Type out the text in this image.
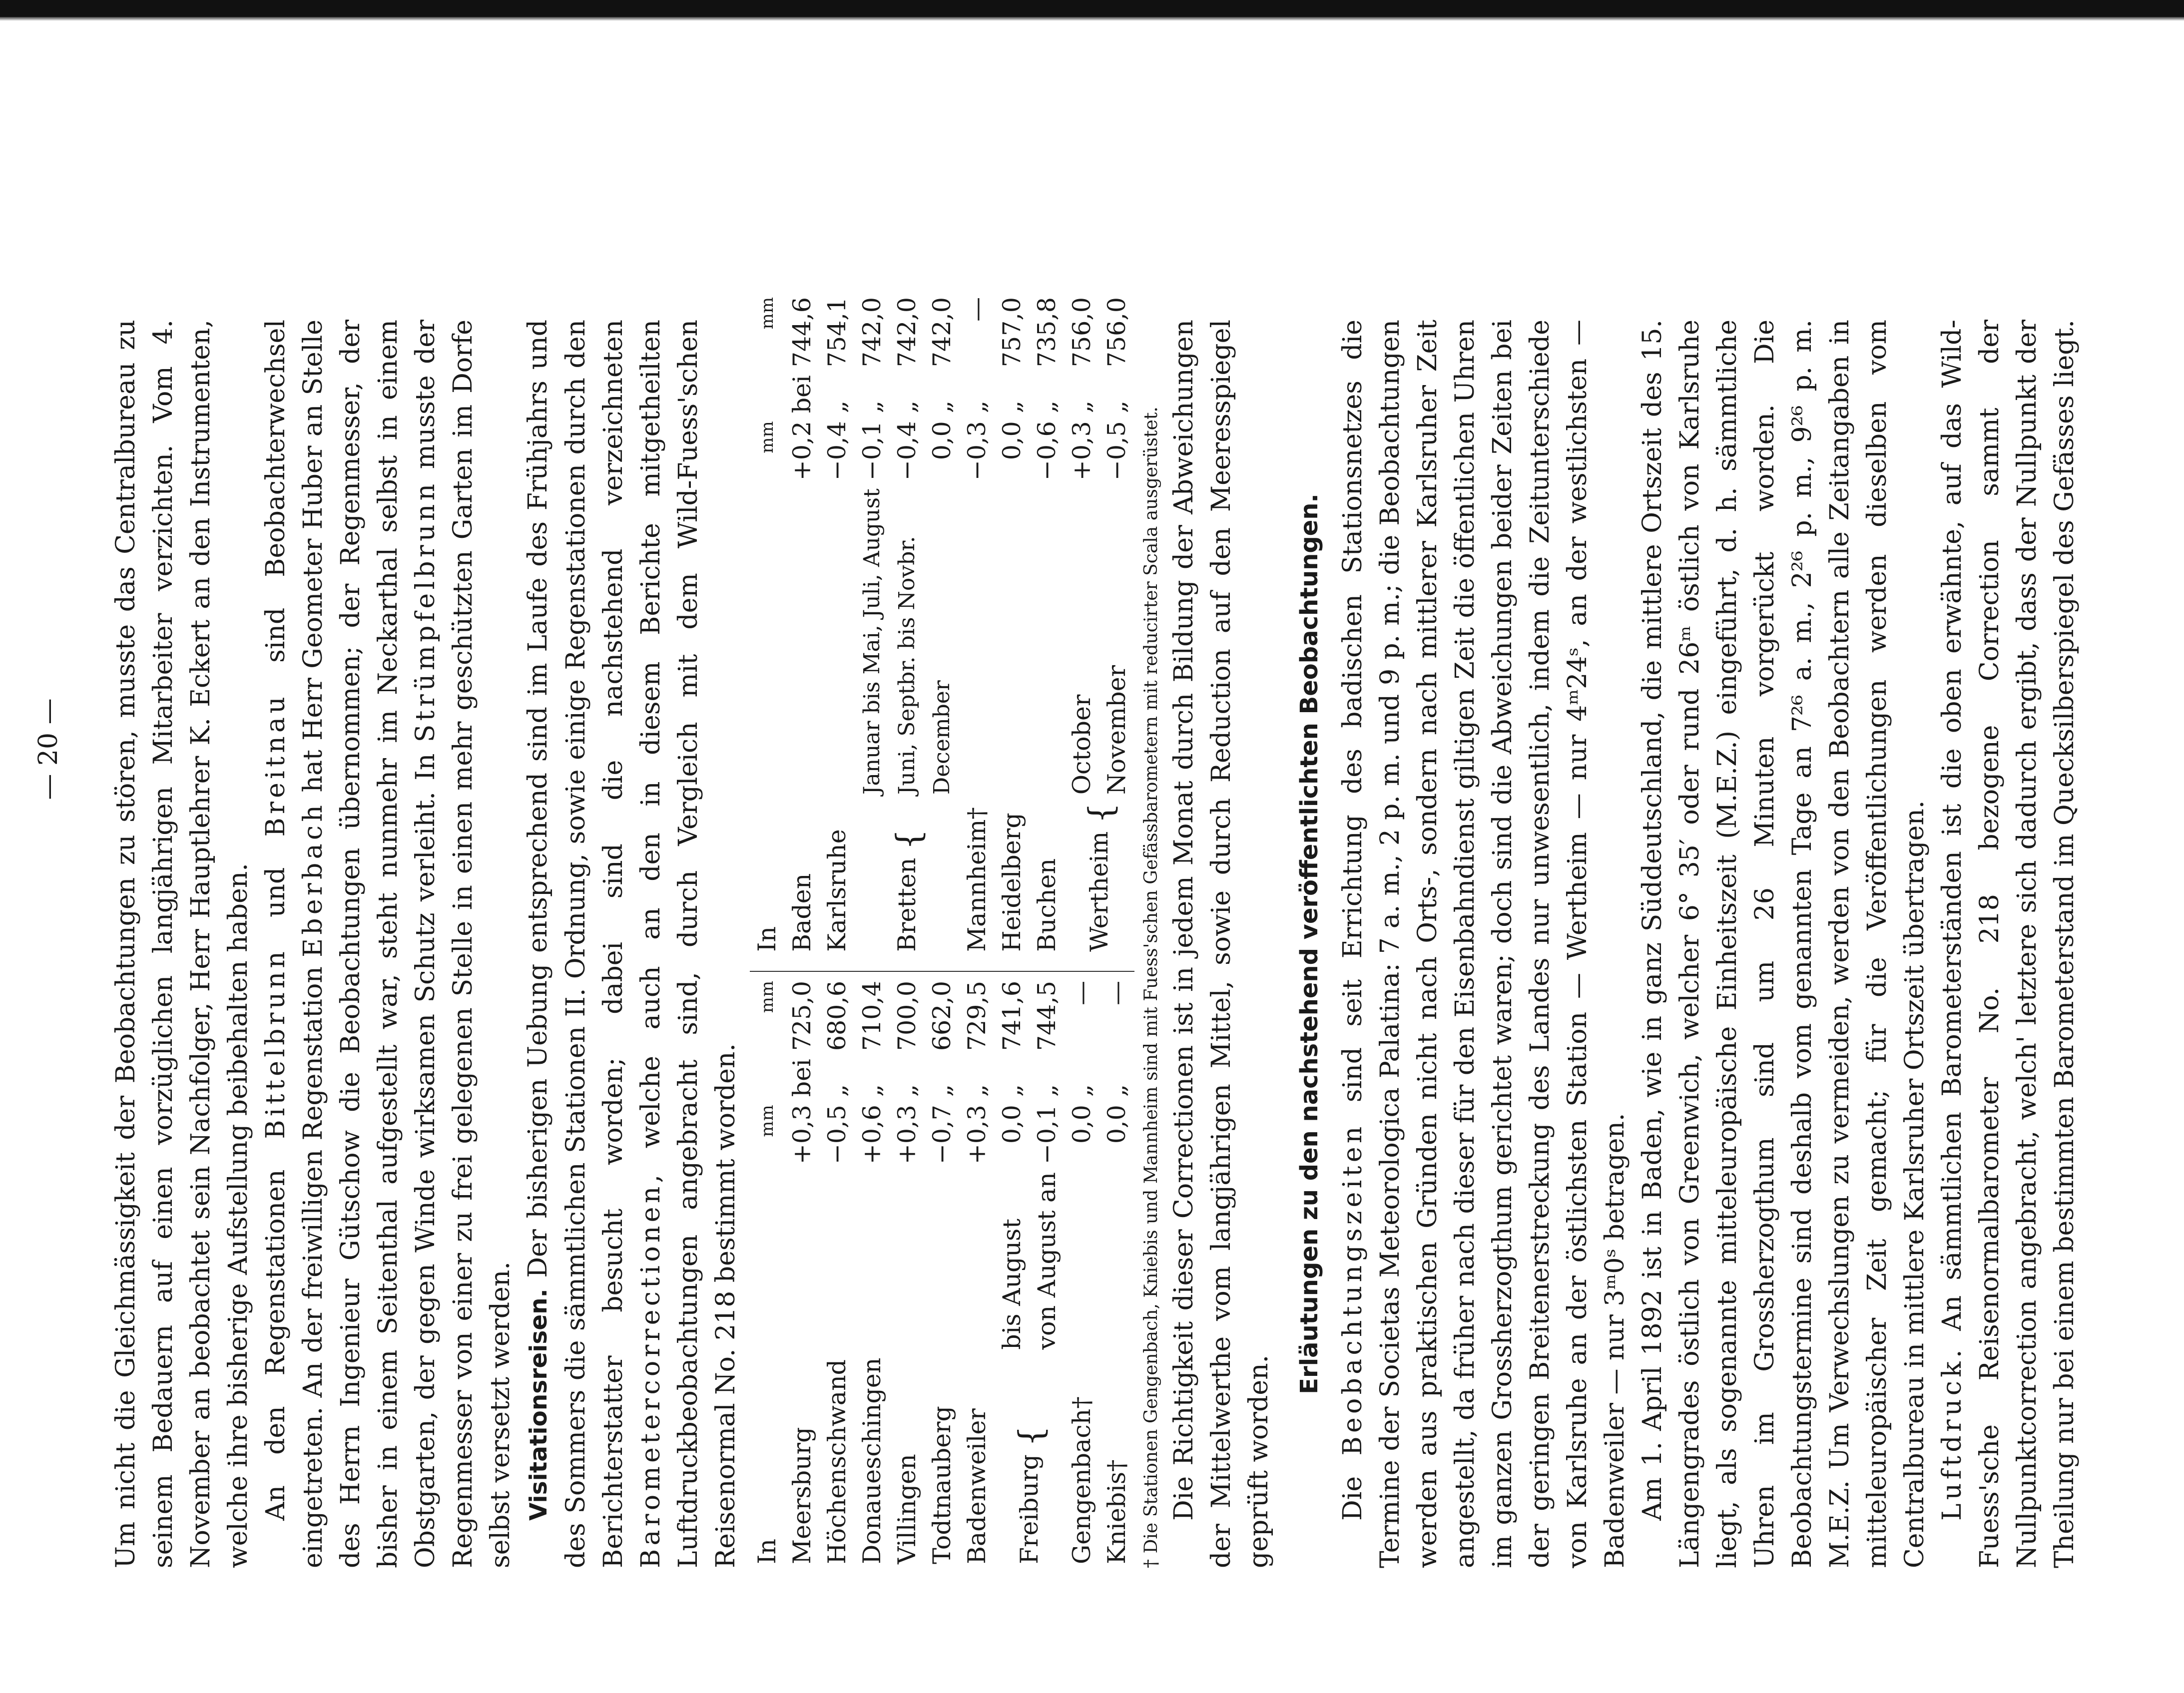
— 20 — Um nicht die Gleichmässigkeit der Beobachtungen zu stören, musste das Centralbureau zu seinem Bedauern auf einen vorzüglichen langjährigen Mitarbeiter verzichten. Vom 4. November an beobachtet sein Nachfolger, Herr Hauptlehrer K. Eckert an den Instrumenten, welche ihre bisherige Aufstellung beibehalten haben. An den Regenstationen Bittelbrunn und Breitnau sind Beobachterwechsel eingetreten. An der freiwilligen Regenstation Eberbach hat Herr Geometer Huber an Stelle des Herrn Ingenieur Gütschow die Beobachtungen übernommen; der Regenmesser, der bisher in einem Seitenthal aufgestellt war, steht nunmehr im Neckarthal selbst in einem Obstgarten, der gegen Winde wirksamen Schutz verleiht. In Strümpfelbrunn musste der Regenmesser von einer zu frei gelegenen Stelle in einen mehr geschützten Garten im Dorfe selbst versetzt werden. Visitationsreisen. Der bisherigen Uebung entsprechend sind im Laufe des Frühjahrs und des Sommers die sämmtlichen Stationen II. Ordnung, sowie einige Regenstationen durch den Berichterstatter besucht worden; dabei sind die nachstehend verzeichneten Barometercorrectionen, welche auch an den in diesem Berichte mitgetheilten Luftdruckbeobachtungen angebracht sind, durch Vergleich mit dem Wild-Fuess'schen Reisenormal No. 218 bestimmt worden. In		mm		mm
Meersburg		+0,3	bei	725,0
Höchenschwand		−0,5	„	680,6
Donaueschingen		+0,6	„	710,4
Villingen		+0,3	„	700,0
Todtnauberg		−0,7	„	662,0
Badenweiler		+0,3	„	729,5
Freiburg {	bis August	0,0	„	741,6
	von August an	−0,1	„	744,5
Gengenbach†		0,0	„	—
Kniebis†		0,0	„	—
In		mm		mm
Baden		+0,2	bei	744,6
Karlsruhe		−0,4	„	754,1
Bretten {	Januar bis Mai, Juli, August	−0,1	„	742,0
	Juni, Septbr. bis Novbr.	−0,4	„	742,0
	December	0,0	„	742,0
Mannheim†		−0,3	„	—
Heidelberg		0,0	„	757,0
Buchen		−0,6	„	735,8
Wertheim {	October	+0,3	„	756,0
	November	−0,5	„	756,0

† Die Stationen Gengenbach, Kniebis und Mannheim sind mit Fuess'schen Gefässbarometern mit reducirter Scala ausgerüstet. Die Richtigkeit dieser Correctionen ist in jedem Monat durch Bildung der Abweichungen der Mittelwerthe vom langjährigen Mittel, sowie durch Reduction auf den Meeresspiegel geprüft worden.

Erläutungen zu den nachstehend veröffentlichten Beobachtungen.

Die Beobachtungszeiten sind seit Errichtung des badischen Stationsnetzes die Termine der Societas Meteorologica Palatina: 7 a. m., 2 p. m. und 9 p. m.; die Beobachtungen werden aus praktischen Gründen nicht nach Orts-, sondern nach mittlerer Karlsruher Zeit angestellt, da früher nach dieser für den Eisenbahndienst giltigen Zeit die öffentlichen Uhren im ganzen Grossherzogthum gerichtet waren; doch sind die Abweichungen beider Zeiten bei der geringen Breitenerstreckung des Landes nur unwesentlich, indem die Zeitunterschiede von Karlsruhe an der östlichsten Station — Wertheim — nur 4ᵐ24ˢ, an der westlichsten — Badenweiler — nur 3ᵐ0ˢ betragen. Am 1. April 1892 ist in Baden, wie in ganz Süddeutschland, die mittlere Ortszeit des 15. Längengrades östlich von Greenwich, welcher 6° 35′ oder rund 26ᵐ östlich von Karlsruhe liegt, als sogenannte mitteleuropäische Einheitszeit (M.E.Z.) eingeführt, d. h. sämmtliche Uhren im Grossherzogthum sind um 26 Minuten vorgerückt worden. Die Beobachtungstermine sind deshalb vom genannten Tage an 7²⁶ a. m., 2²⁶ p. m., 9²⁶ p. m. M.E.Z. Um Verwechslungen zu vermeiden, werden von den Beobachtern alle Zeitangaben in mitteleuropäischer Zeit gemacht; für die Veröffentlichungen werden dieselben vom Centralbureau in mittlere Karlsruher Ortszeit übertragen. Luftdruck. An sämmtlichen Barometerständen ist die oben erwähnte, auf das Wild-Fuess'sche Reisenormalbarometer No. 218 bezogene Correction sammt der Nullpunktcorrection angebracht, welch' letztere sich dadurch ergibt, dass der Nullpunkt der Theilung nur bei einem bestimmten Barometerstand im Quecksilberspiegel des Gefässes liegt.
